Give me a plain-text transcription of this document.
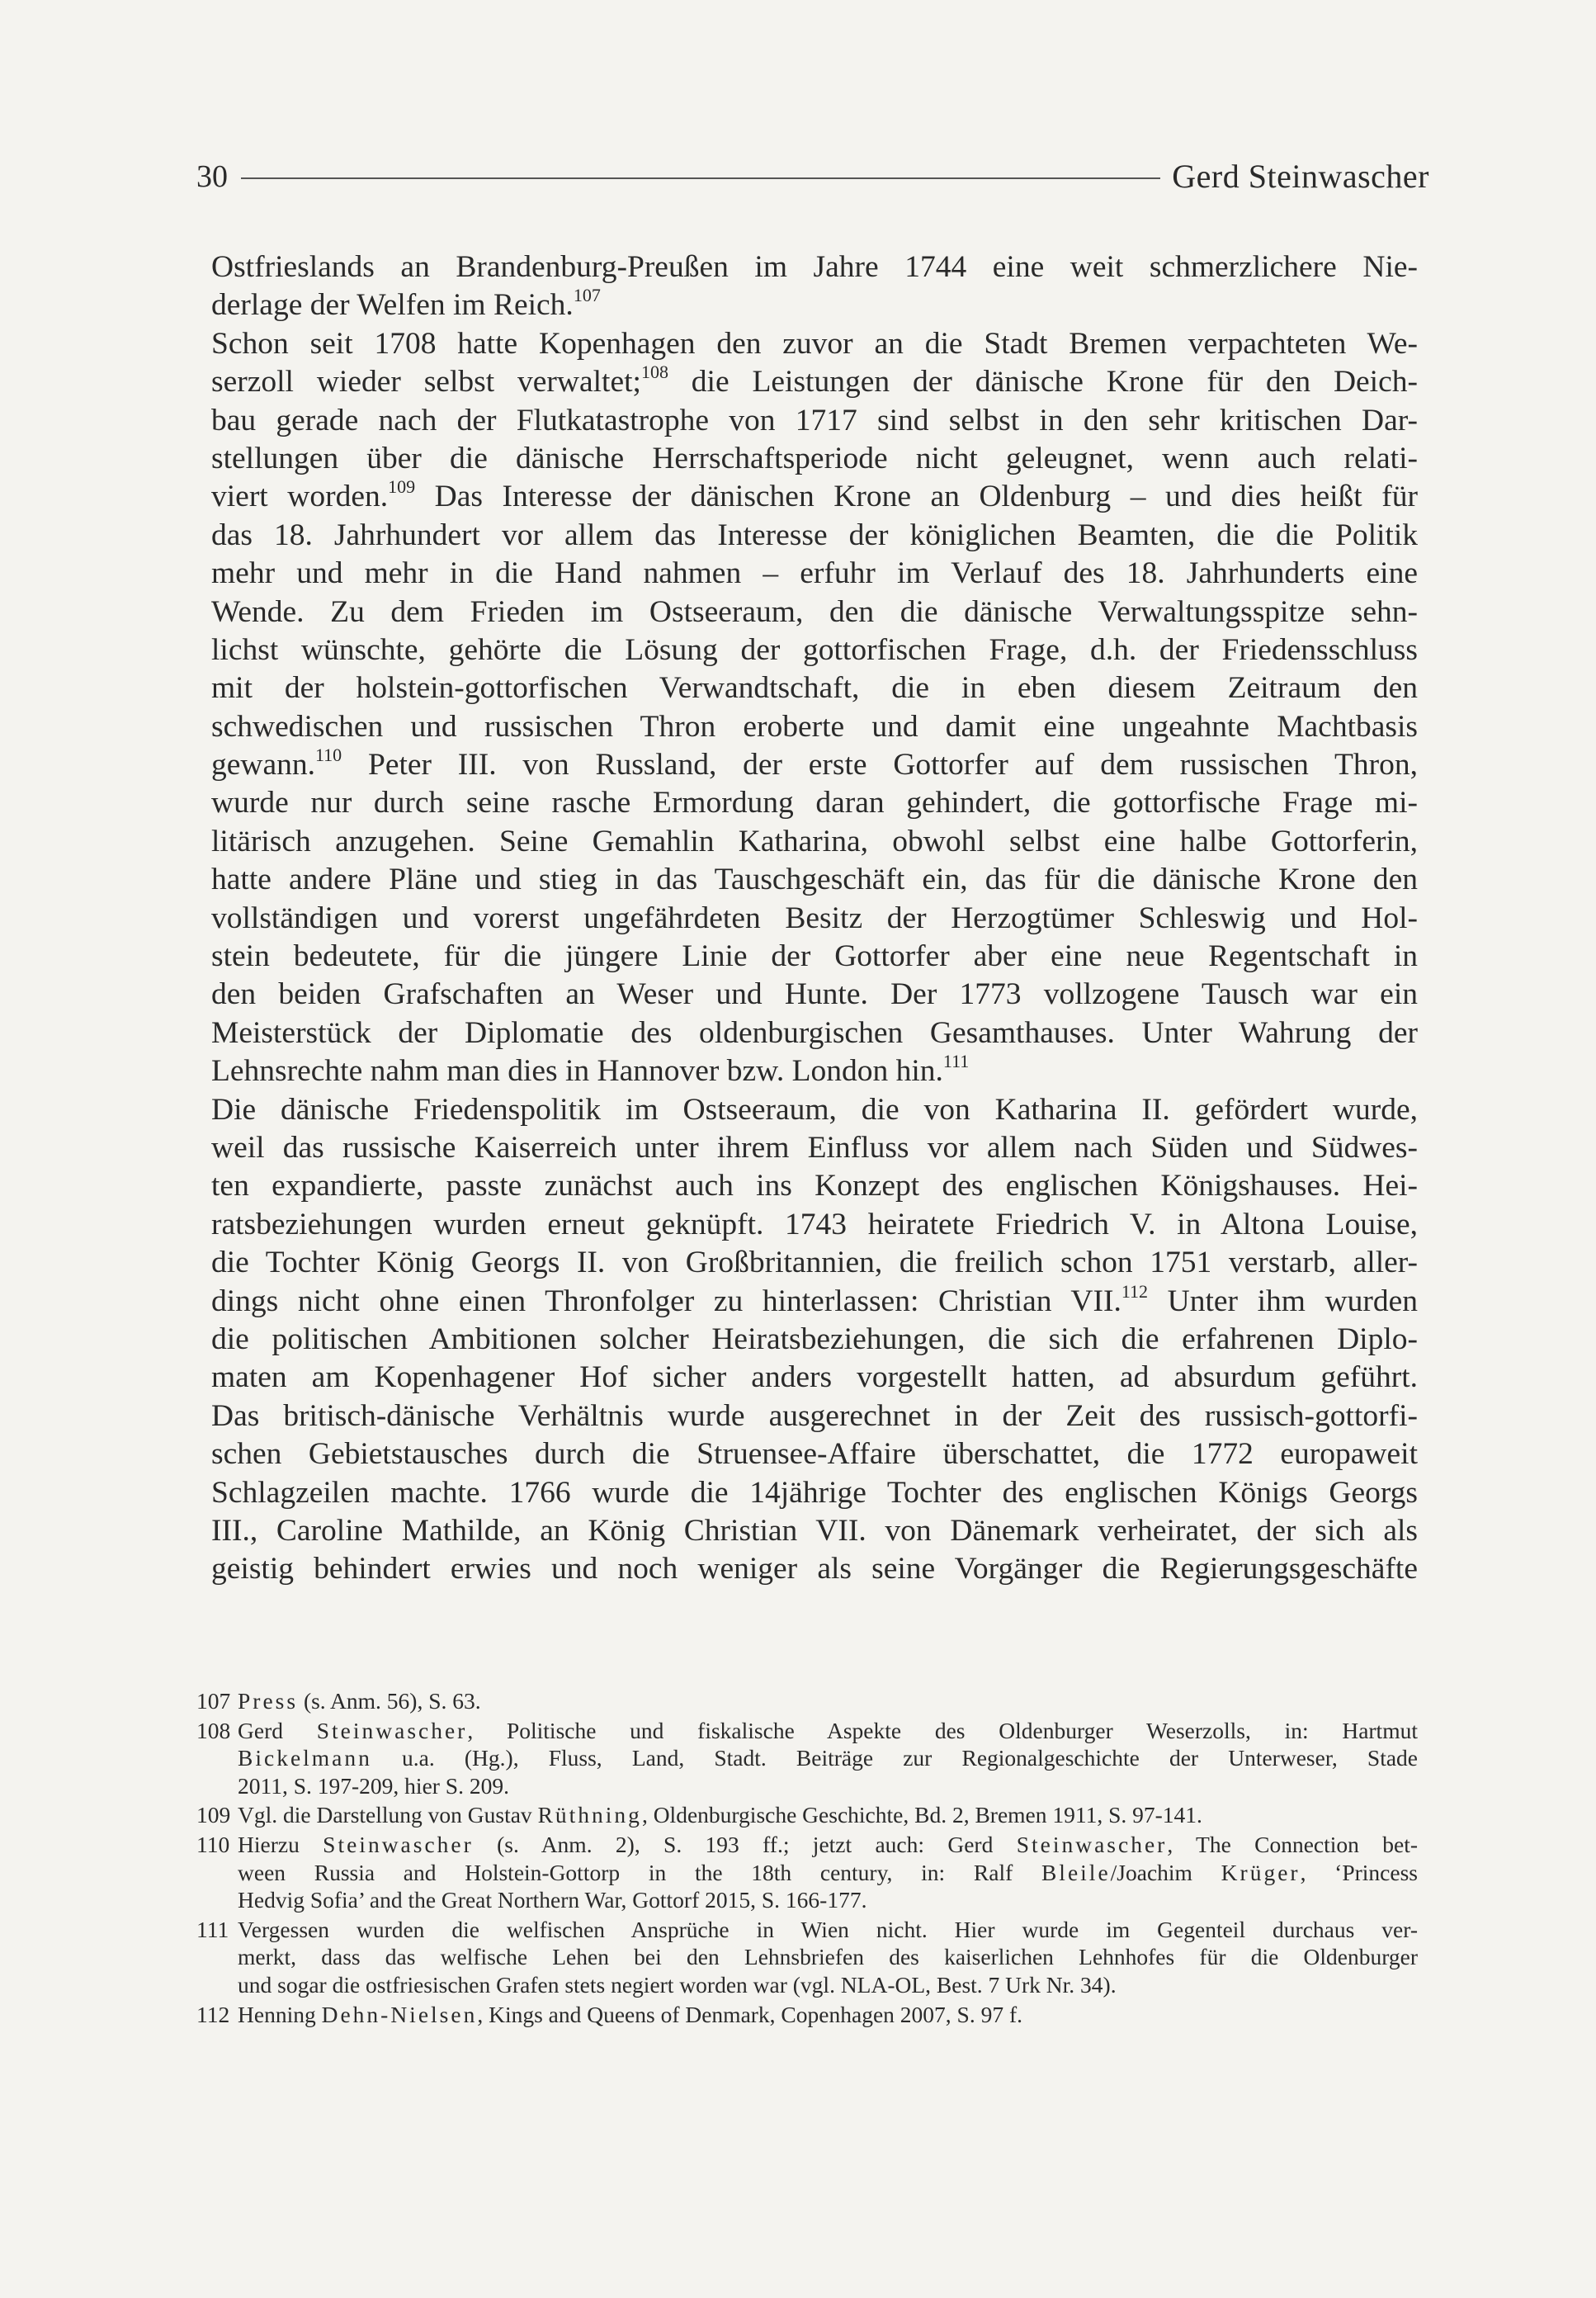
30	Gerd Steinwascher
Ostfrieslands an Brandenburg-Preußen im Jahre 1744 eine weit schmerzlichere Nie-
derlage der Welfen im Reich.$^{107}$
Schon seit 1708 hatte Kopenhagen den zuvor an die Stadt Bremen verpachteten We-
serzoll wieder selbst verwaltet;$^{108}$ die Leistungen der dänische Krone für den Deich-
bau gerade nach der Flutkatastrophe von 1717 sind selbst in den sehr kritischen Dar-
stellungen über die dänische Herrschaftsperiode nicht geleugnet, wenn auch relati-
viert worden.$^{109}$ Das Interesse der dänischen Krone an Oldenburg – und dies heißt für
das 18. Jahrhundert vor allem das Interesse der königlichen Beamten, die die Politik
mehr und mehr in die Hand nahmen – erfuhr im Verlauf des 18. Jahrhunderts eine
Wende. Zu dem Frieden im Ostseeraum, den die dänische Verwaltungsspitze sehn-
lichst wünschte, gehörte die Lösung der gottorfischen Frage, d.h. der Friedensschluss
mit der holstein-gottorfischen Verwandtschaft, die in eben diesem Zeitraum den
schwedischen und russischen Thron eroberte und damit eine ungeahnte Machtbasis
gewann.$^{110}$ Peter III. von Russland, der erste Gottorfer auf dem russischen Thron,
wurde nur durch seine rasche Ermordung daran gehindert, die gottorfische Frage mi-
litärisch anzugehen. Seine Gemahlin Katharina, obwohl selbst eine halbe Gottorferin,
hatte andere Pläne und stieg in das Tauschgeschäft ein, das für die dänische Krone den
vollständigen und vorerst ungefährdeten Besitz der Herzogtümer Schleswig und Hol-
stein bedeutete, für die jüngere Linie der Gottorfer aber eine neue Regentschaft in
den beiden Grafschaften an Weser und Hunte. Der 1773 vollzogene Tausch war ein
Meisterstück der Diplomatie des oldenburgischen Gesamthauses. Unter Wahrung der
Lehnsrechte nahm man dies in Hannover bzw. London hin.$^{111}$
Die dänische Friedenspolitik im Ostseeraum, die von Katharina II. gefördert wurde,
weil das russische Kaiserreich unter ihrem Einfluss vor allem nach Süden und Südwes-
ten expandierte, passte zunächst auch ins Konzept des englischen Königshauses. Hei-
ratsbeziehungen wurden erneut geknüpft. 1743 heiratete Friedrich V. in Altona Louise,
die Tochter König Georgs II. von Großbritannien, die freilich schon 1751 verstarb, aller-
dings nicht ohne einen Thronfolger zu hinterlassen: Christian VII.$^{112}$ Unter ihm wurden
die politischen Ambitionen solcher Heiratsbeziehungen, die sich die erfahrenen Diplo-
maten am Kopenhagener Hof sicher anders vorgestellt hatten, ad absurdum geführt.
Das britisch-dänische Verhältnis wurde ausgerechnet in der Zeit des russisch-gottorfi-
schen Gebietstausches durch die Struensee-Affaire überschattet, die 1772 europaweit
Schlagzeilen machte. 1766 wurde die 14jährige Tochter des englischen Königs Georgs
III., Caroline Mathilde, an König Christian VII. von Dänemark verheiratet, der sich als
geistig behindert erwies und noch weniger als seine Vorgänger die Regierungsgeschäfte
107 Press (s. Anm. 56), S. 63.
108 Gerd Steinwascher, Politische und fiskalische Aspekte des Oldenburger Weserzolls, in: Hartmut
Bickelmann u.a. (Hg.), Fluss, Land, Stadt. Beiträge zur Regionalgeschichte der Unterweser, Stade
2011, S. 197-209, hier S. 209.
109 Vgl. die Darstellung von Gustav Rüthning, Oldenburgische Geschichte, Bd. 2, Bremen 1911, S. 97-141.
110 Hierzu Steinwascher (s. Anm. 2), S. 193 ff.; jetzt auch: Gerd Steinwascher, The Connection bet-
ween Russia and Holstein-Gottorp in the 18th century, in: Ralf Bleile/Joachim Krüger, ‘Princess
Hedvig Sofia’ and the Great Northern War, Gottorf 2015, S. 166-177.
111 Vergessen wurden die welfischen Ansprüche in Wien nicht. Hier wurde im Gegenteil durchaus ver-
merkt, dass das welfische Lehen bei den Lehnsbriefen des kaiserlichen Lehnhofes für die Oldenburger
und sogar die ostfriesischen Grafen stets negiert worden war (vgl. NLA-OL, Best. 7 Urk Nr. 34).
112 Henning Dehn-Nielsen, Kings and Queens of Denmark, Copenhagen 2007, S. 97 f.
